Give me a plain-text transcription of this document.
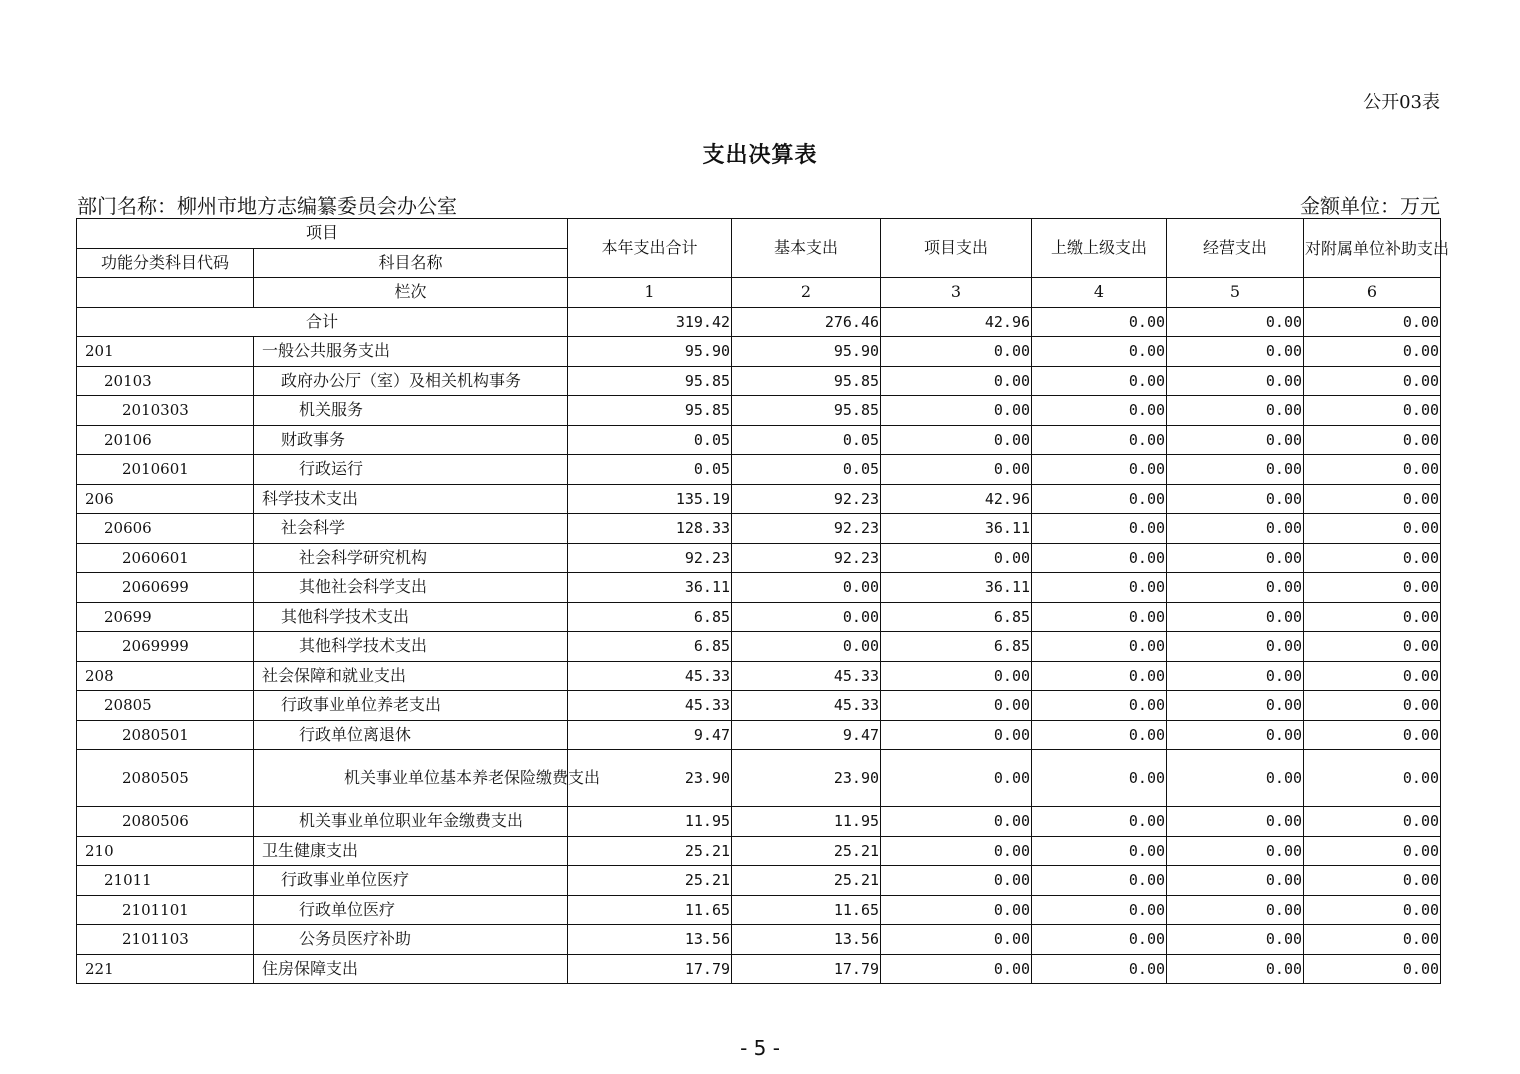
公开03表
支出决算表
部门名称：柳州市地方志编纂委员会办公室	金额单位：万元
项目		本年支出合计	基本支出	项目支出	上缴上级支出	经营支出	对附属单位补助支出
功能分类科目代码	科目名称						
	栏次	1	2	3	4	5	6
合计		319.42	276.46	42.96	0.00	0.00	0.00
201	一般公共服务支出	95.90	95.90	0.00	0.00	0.00	0.00
20103	政府办公厅（室）及相关机构事务	95.85	95.85	0.00	0.00	0.00	0.00
2010303	机关服务	95.85	95.85	0.00	0.00	0.00	0.00
20106	财政事务	0.05	0.05	0.00	0.00	0.00	0.00
2010601	行政运行	0.05	0.05	0.00	0.00	0.00	0.00
206	科学技术支出	135.19	92.23	42.96	0.00	0.00	0.00
20606	社会科学	128.33	92.23	36.11	0.00	0.00	0.00
2060601	社会科学研究机构	92.23	92.23	0.00	0.00	0.00	0.00
2060699	其他社会科学支出	36.11	0.00	36.11	0.00	0.00	0.00
20699	其他科学技术支出	6.85	0.00	6.85	0.00	0.00	0.00
2069999	其他科学技术支出	6.85	0.00	6.85	0.00	0.00	0.00
208	社会保障和就业支出	45.33	45.33	0.00	0.00	0.00	0.00
20805	行政事业单位养老支出	45.33	45.33	0.00	0.00	0.00	0.00
2080501	行政单位离退休	9.47	9.47	0.00	0.00	0.00	0.00
2080505	机关事业单位基本养老保险缴费支出	23.90	23.90	0.00	0.00	0.00	0.00
2080506	机关事业单位职业年金缴费支出	11.95	11.95	0.00	0.00	0.00	0.00
210	卫生健康支出	25.21	25.21	0.00	0.00	0.00	0.00
21011	行政事业单位医疗	25.21	25.21	0.00	0.00	0.00	0.00
2101101	行政单位医疗	11.65	11.65	0.00	0.00	0.00	0.00
2101103	公务员医疗补助	13.56	13.56	0.00	0.00	0.00	0.00
221	住房保障支出	17.79	17.79	0.00	0.00	0.00	0.00
- 5 -
